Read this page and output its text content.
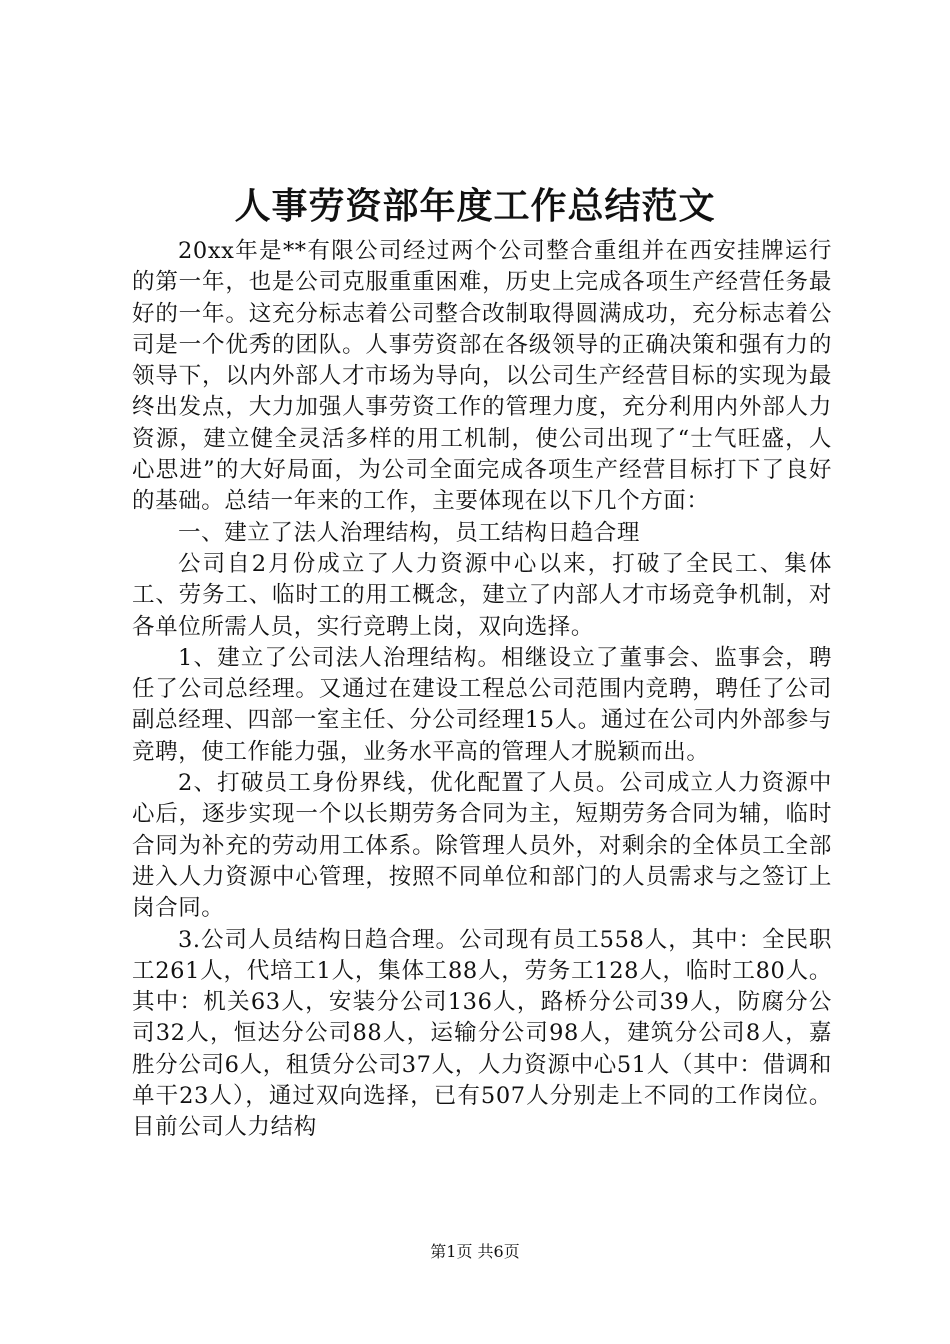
人事劳资部年度工作总结范文

20xx年是**有限公司经过两个公司整合重组并在西安挂牌运行的第一年，也是公司克服重重困难，历史上完成各项生产经营任务最好的一年。这充分标志着公司整合改制取得圆满成功，充分标志着公司是一个优秀的团队。人事劳资部在各级领导的正确决策和强有力的领导下，以内外部人才市场为导向，以公司生产经营目标的实现为最终出发点，大力加强人事劳资工作的管理力度，充分利用内外部人力资源，建立健全灵活多样的用工机制，使公司出现了“士气旺盛，人心思进”的大好局面，为公司全面完成各项生产经营目标打下了良好的基础。总结一年来的工作，主要体现在以下几个方面：

一、建立了法人治理结构，员工结构日趋合理

公司自2月份成立了人力资源中心以来，打破了全民工、集体工、劳务工、临时工的用工概念，建立了内部人才市场竞争机制，对各单位所需人员，实行竞聘上岗，双向选择。

1、建立了公司法人治理结构。相继设立了董事会、监事会，聘任了公司总经理。又通过在建设工程总公司范围内竞聘，聘任了公司副总经理、四部一室主任、分公司经理15人。通过在公司内外部参与竞聘，使工作能力强，业务水平高的管理人才脱颖而出。

2、打破员工身份界线，优化配置了人员。公司成立人力资源中心后，逐步实现一个以长期劳务合同为主，短期劳务合同为辅，临时合同为补充的劳动用工体系。除管理人员外，对剩余的全体员工全部进入人力资源中心管理，按照不同单位和部门的人员需求与之签订上岗合同。

3.公司人员结构日趋合理。公司现有员工558人，其中：全民职工261人，代培工1人，集体工88人，劳务工128人，临时工80人。其中：机关63人，安装分公司136人，路桥分公司39人，防腐分公司32人，恒达分公司88人，运输分公司98人，建筑分公司8人，嘉胜分公司6人，租赁分公司37人，人力资源中心51人（其中：借调和单干23人），通过双向选择，已有507人分别走上不同的工作岗位。目前公司人力结构

第1页 共6页
